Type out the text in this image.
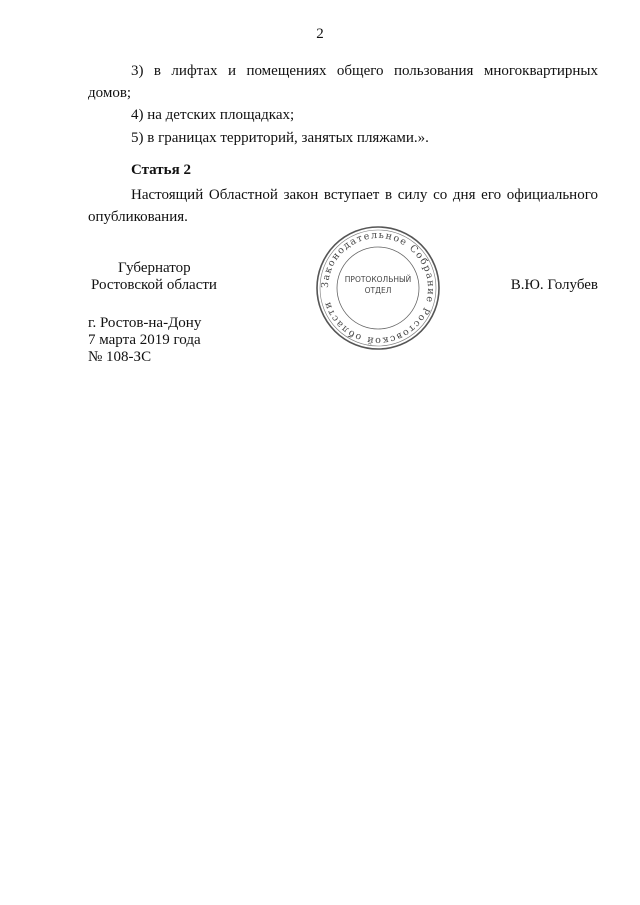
2

3) в лифтах и помещениях общего пользования многоквартирных домов;

4) на детских площадках;

5) в границах территорий, занятых пляжами.».

Статья 2

Настоящий Областной закон вступает в силу со дня его официального опубликования.

Губернатор

Ростовской области	В.Ю. Голубев

Законодательное Собрание Ростовской области
ПРОТОКОЛЬНЫЙ
ОТДЕЛ

г. Ростов-на-Дону

7 марта 2019 года

№ 108-ЗС
